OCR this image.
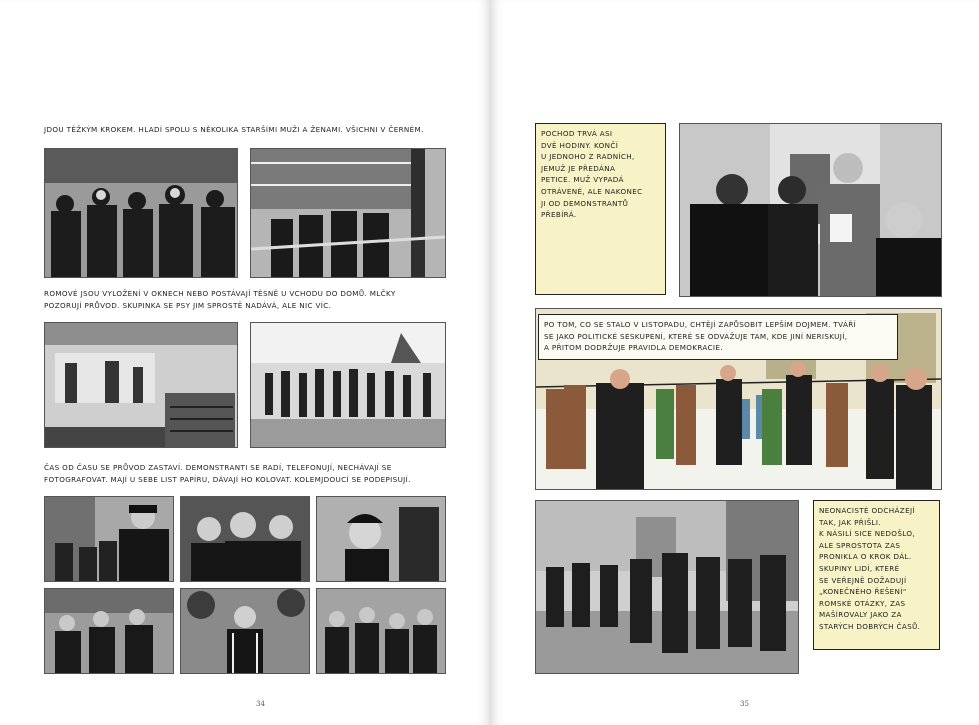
JDOU TĚŽKÝM KROKEM. HLADÍ SPOLU S NĚKOLIKA STARŠÍMI MUŽI A ŽENAMI. VŠICHNI V ČERNÉM.
ROMOVÉ JSOU VYLOŽENÍ V OKNECH NEBO POSTÁVAJÍ TĚSNĚ U VCHODU DO DOMŮ. MLČKY
POZORUJÍ PRŮVOD. SKUPINKA SE PSY JIM SPROSTĚ NADÁVÁ, ALE NIC VÍC.
ČAS OD ČASU SE PRŮVOD ZASTAVÍ. DEMONSTRANTI SE RADÍ, TELEFONUJÍ, NECHÁVAJÍ SE
FOTOGRAFOVAT. MAJÍ U SEBE LIST PAPÍRU, DÁVAJÍ HO KOLOVAT. KOLEMJDOUCÍ SE PODEPISUJÍ.
34
POCHOD TRVÁ ASI
DVĚ HODINY. KONČÍ
U JEDNOHO Z RADNÍCH,
JEMUŽ JE PŘEDÁNA
PETICE. MUŽ VYPADÁ
OTRÁVENÉ, ALE NAKONEC
JI OD DEMONSTRANTŮ
PŘEBÍRÁ.
PO TOM, CO SE STALO V LISTOPADU, CHTĚJÍ ZAPŮSOBIT LEPŠÍM DOJMEM. TVÁŘÍ
SE JAKO POLITICKÉ SESKUPENÍ, KTERÉ SE ODVAŽUJE TAM, KDE JINÍ NERISKUJÍ,
A PŘITOM DODRŽUJE PRAVIDLA DEMOKRACIE.
NEONACISTÉ ODCHÁZEJÍ
TAK, JAK PŘIŠLI.
K NÁSILÍ SICE NEDOŠLO,
ALE SPROSTOTA ZAS
PRONIKLA O KROK DÁL.
SKUPINY LIDÍ, KTERÉ
SE VEŘEJNĚ DOŽADUJÍ
„KONEČNÉHO ŘEŠENÍ“
ROMSKÉ OTÁZKY, ZAS
MAŠÍROVALY JAKO ZA
STARÝCH DOBRÝCH ČASŮ.
35
